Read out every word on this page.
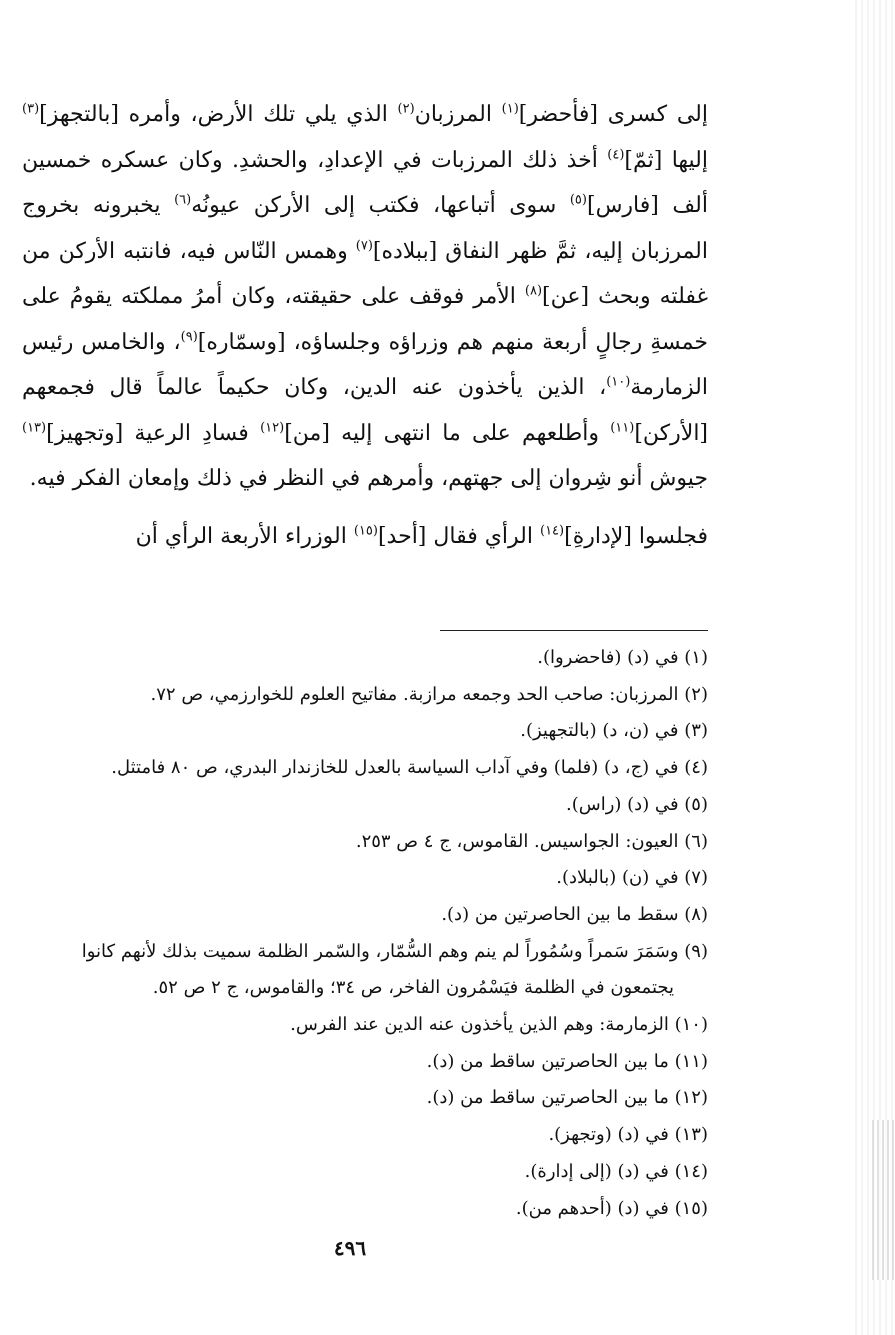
إلى كسرى [فأحضر]$^{(١)}$ المرزبان$^{(٢)}$ الذي يلي تلك الأرض، وأمره [بالتجهز]$^{(٣)}$ إليها [ثمّ]$^{(٤)}$ أخذ ذلك المرزبات في الإعدادِ، والحشدِ. وكان عسكره خمسين ألف [فارس]$^{(٥)}$ سوى أتباعها، فكتب إلى الأركن عيونُه$^{(٦)}$ يخبرونه بخروج المرزبان إليه، ثمَّ ظهر النفاق [ببلاده]$^{(٧)}$ وهمس النّاس فيه، فانتبه الأركن من غفلته وبحث [عن]$^{(٨)}$ الأمر فوقف على حقيقته، وكان أمرُ مملكته يقومُ على خمسةِ رجالٍ أربعة منهم هم وزراؤه وجلساؤه، [وسمّاره]$^{(٩)}$، والخامس رئيس الزمارمة$^{(١٠)}$، الذين يأخذون عنه الدين، وكان حكيماً عالماً قال فجمعهم [الأركن]$^{(١١)}$ وأطلعهم على ما انتهى إليه [من]$^{(١٢)}$ فسادِ الرعية [وتجهيز]$^{(١٣)}$ جيوش أنو شِروان إلى جهتهم، وأمرهم في النظر في ذلك وإمعان الفكر فيه.

فجلسوا [لإدارةِ]$^{(١٤)}$ الرأي فقال [أحد]$^{(١٥)}$ الوزراء الأربعة الرأي أن

(١) في (د) (فاحضروا).

(٢) المرزبان: صاحب الحد وجمعه مرازبة. مفاتيح العلوم للخوارزمي، ص ٧٢.

(٣) في (ن، د) (بالتجهيز).

(٤) في (ج، د) (فلما) وفي آداب السياسة بالعدل للخازندار البدري، ص ٨٠ فامتثل.

(٥) في (د) (راس).

(٦) العيون: الجواسيس. القاموس، ج ٤ ص ٢٥٣.

(٧) في (ن) (بالبلاد).

(٨) سقط ما بين الحاصرتين من (د).

(٩) وسَمَرَ سَمراً وسُمُوراً لم ينم وهم السُّمّار، والسّمر الظلمة سميت بذلك لأنهم كانوا
يجتمعون في الظلمة فيَسْمُرون الفاخر، ص ٣٤؛ والقاموس، ج ٢ ص ٥٢.

(١٠) الزمارمة: وهم الذين يأخذون عنه الدين عند الفرس.

(١١) ما بين الحاصرتين ساقط من (د).

(١٢) ما بين الحاصرتين ساقط من (د).

(١٣) في (د) (وتجهز).

(١٤) في (د) (إلى إدارة).

(١٥) في (د) (أحدهم من).

٤٩٦
